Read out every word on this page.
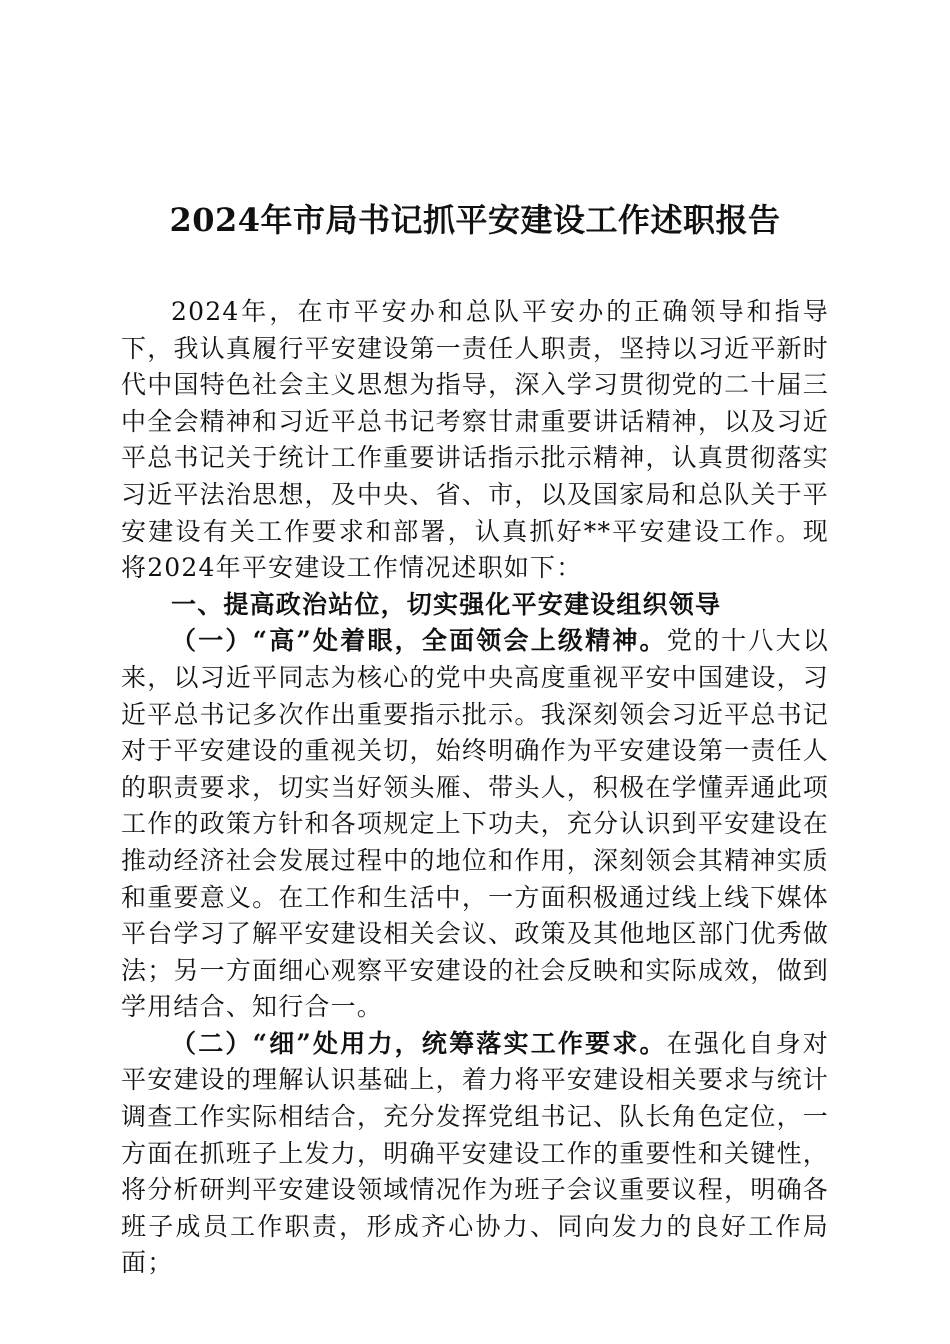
2024年市局书记抓平安建设工作述职报告

2024年，在市平安办和总队平安办的正确领导和指导下，我认真履行平安建设第一责任人职责，坚持以习近平新时代中国特色社会主义思想为指导，深入学习贯彻党的二十届三中全会精神和习近平总书记考察甘肃重要讲话精神，以及习近平总书记关于统计工作重要讲话指示批示精神，认真贯彻落实习近平法治思想，及中央、省、市，以及国家局和总队关于平安建设有关工作要求和部署，认真抓好**平安建设工作。现将2024年平安建设工作情况述职如下：

一、提高政治站位，切实强化平安建设组织领导

（一）“高”处着眼，全面领会上级精神。党的十八大以来，以习近平同志为核心的党中央高度重视平安中国建设，习近平总书记多次作出重要指示批示。我深刻领会习近平总书记对于平安建设的重视关切，始终明确作为平安建设第一责任人的职责要求，切实当好领头雁、带头人，积极在学懂弄通此项工作的政策方针和各项规定上下功夫，充分认识到平安建设在推动经济社会发展过程中的地位和作用，深刻领会其精神实质和重要意义。在工作和生活中，一方面积极通过线上线下媒体平台学习了解平安建设相关会议、政策及其他地区部门优秀做法；另一方面细心观察平安建设的社会反映和实际成效，做到学用结合、知行合一。

（二）“细”处用力，统筹落实工作要求。在强化自身对平安建设的理解认识基础上，着力将平安建设相关要求与统计调查工作实际相结合，充分发挥党组书记、队长角色定位，一方面在抓班子上发力，明确平安建设工作的重要性和关键性，将分析研判平安建设领域情况作为班子会议重要议程，明确各班子成员工作职责，形成齐心协力、同向发力的良好工作局面；
